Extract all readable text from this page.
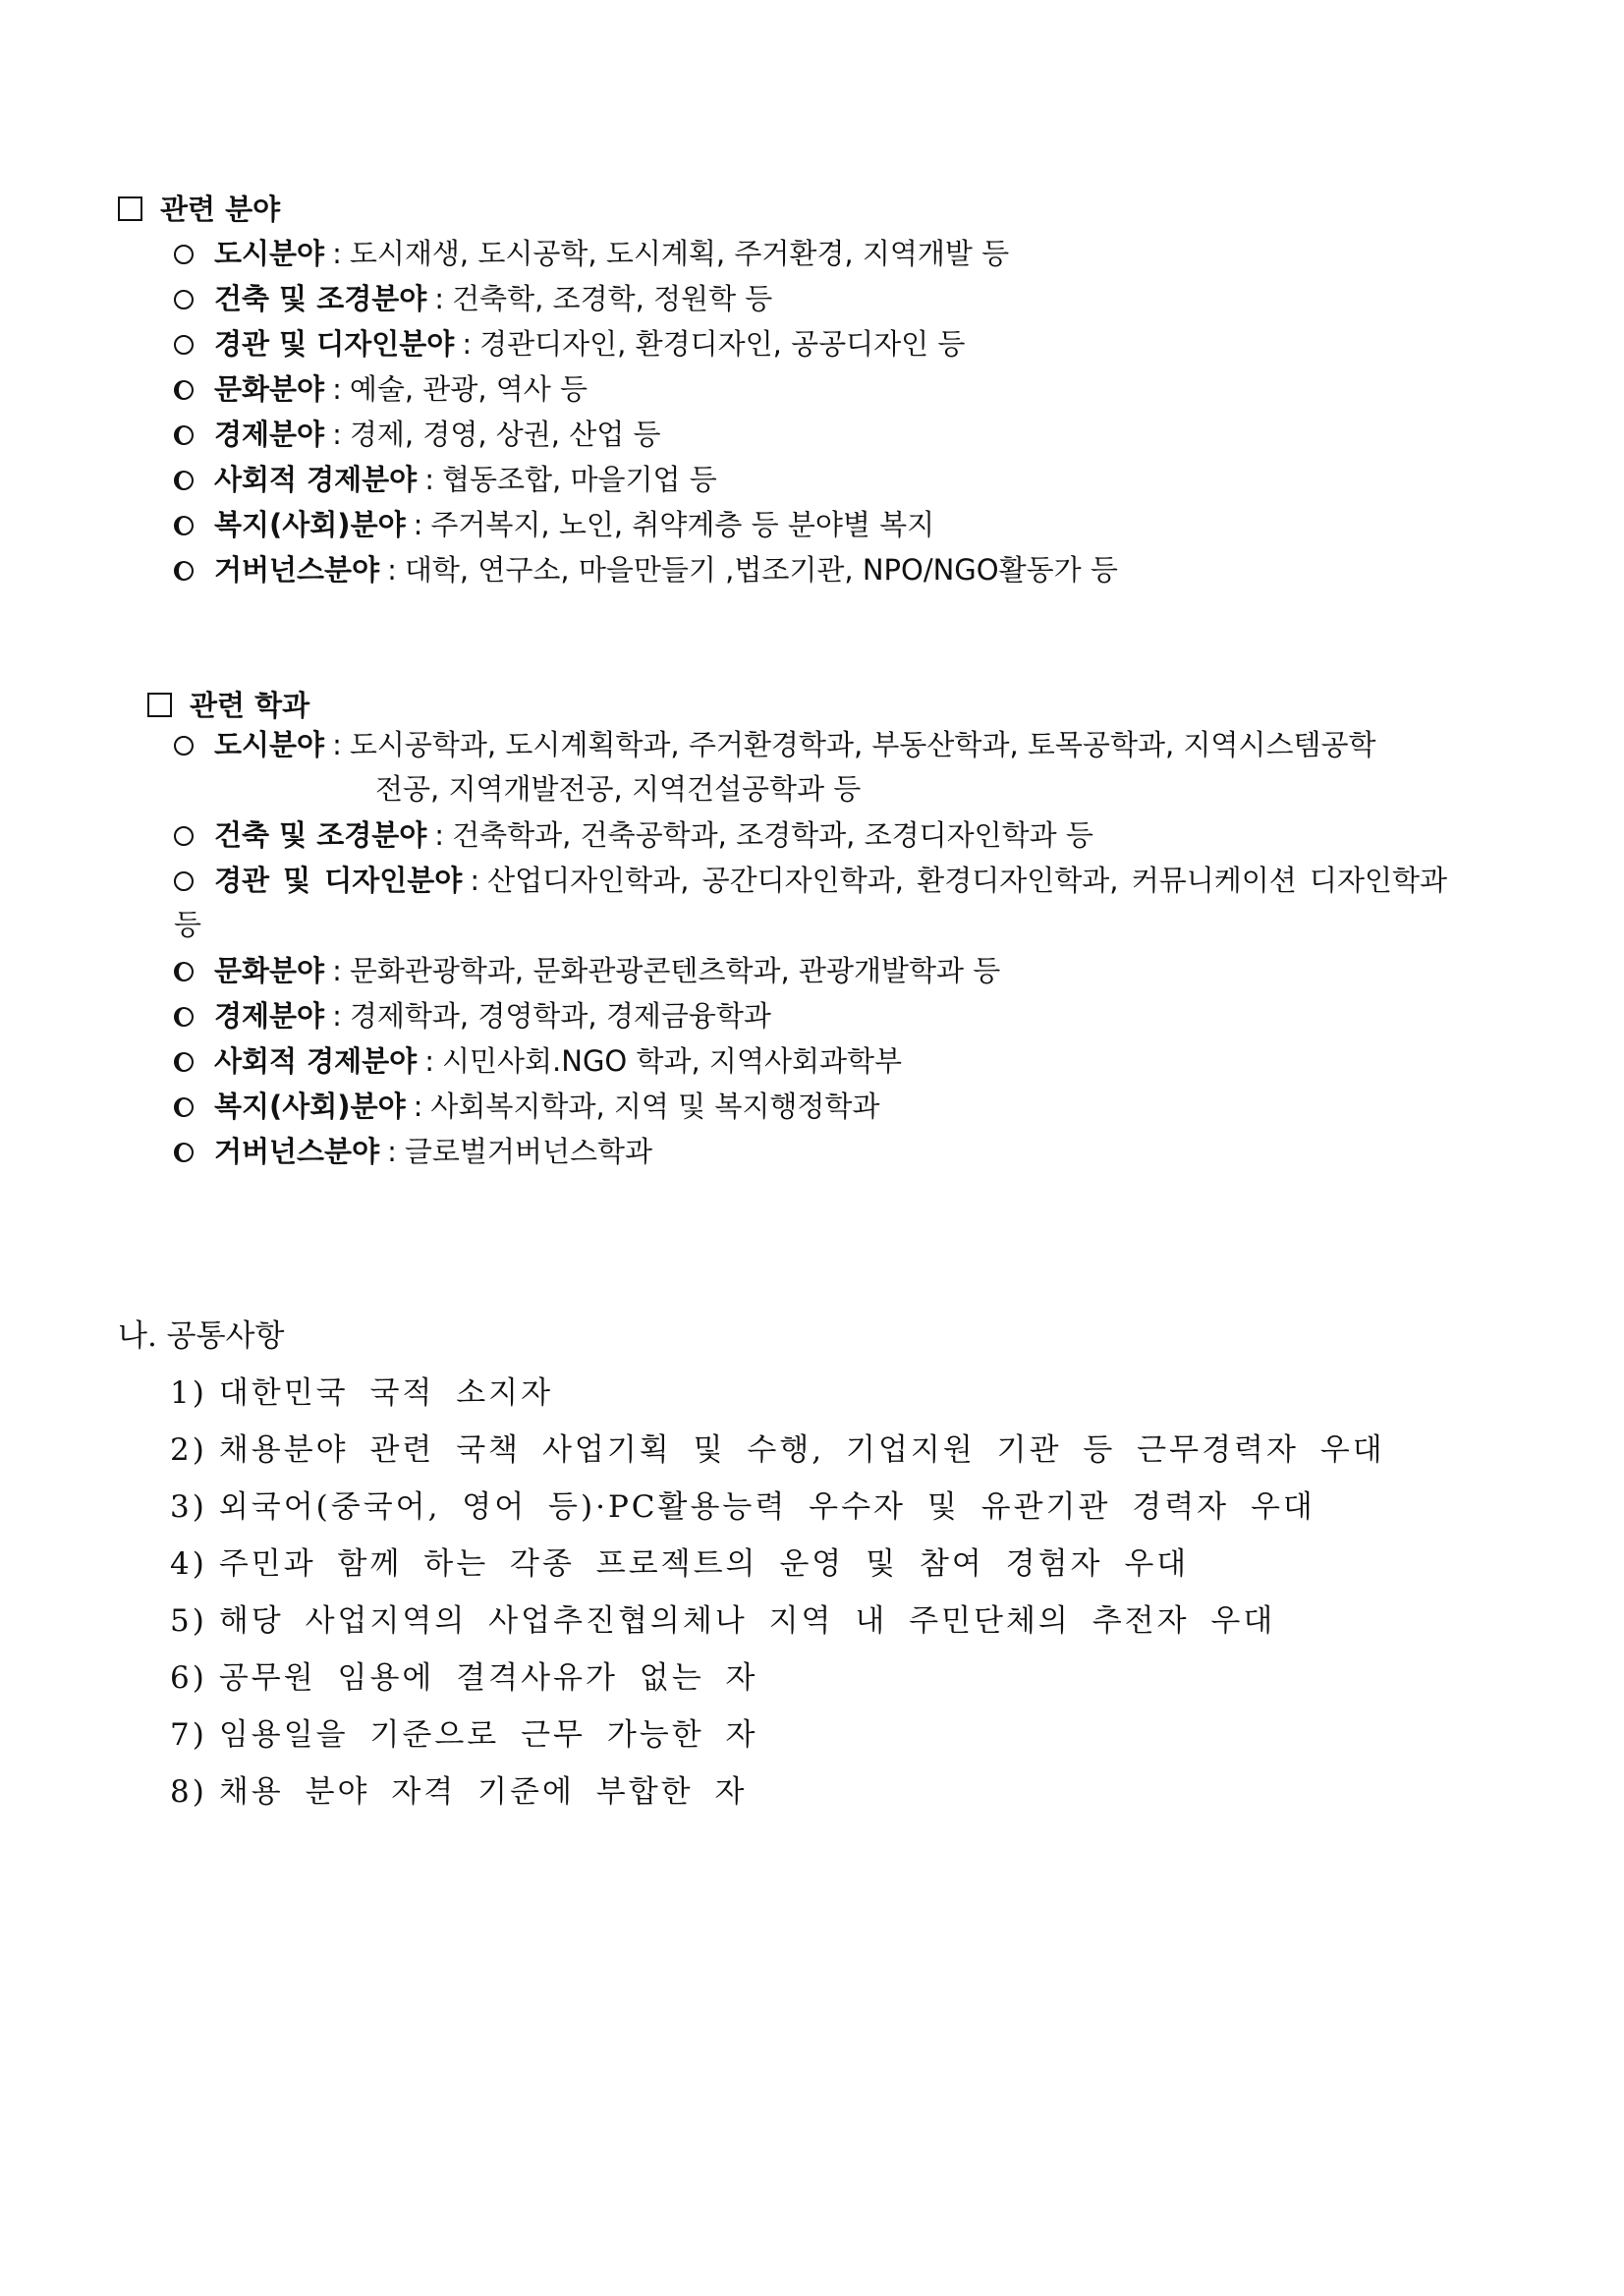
관련 분야
도시분야 : 도시재생, 도시공학, 도시계획, 주거환경, 지역개발 등
건축 및 조경분야 : 건축학, 조경학, 정원학 등
경관 및 디자인분야 : 경관디자인, 환경디자인, 공공디자인 등
문화분야 : 예술, 관광, 역사 등
경제분야 : 경제, 경영, 상권, 산업 등
사회적 경제분야 : 협동조합, 마을기업 등
복지(사회)분야 : 주거복지, 노인, 취약계층 등 분야별 복지
거버넌스분야 : 대학, 연구소, 마을만들기 ,법조기관, NPO/NGO활동가 등
관련 학과
도시분야 : 도시공학과, 도시계획학과, 주거환경학과, 부동산학과, 토목공학과, 지역시스템공학
전공, 지역개발전공, 지역건설공학과 등
건축 및 조경분야 : 건축학과, 건축공학과, 조경학과, 조경디자인학과 등
경관 및 디자인분야 : 산업디자인학과, 공간디자인학과, 환경디자인학과, 커뮤니케이션 디자인학과
등
문화분야 : 문화관광학과, 문화관광콘텐츠학과, 관광개발학과 등
경제분야 : 경제학과, 경영학과, 경제금융학과
사회적 경제분야 : 시민사회.NGO 학과, 지역사회과학부
복지(사회)분야 : 사회복지학과, 지역 및 복지행정학과
거버넌스분야 : 글로벌거버넌스학과
나. 공통사항
1) 대한민국 국적 소지자
2) 채용분야 관련 국책 사업기획 및 수행, 기업지원 기관 등 근무경력자 우대
3) 외국어(중국어, 영어 등)·PC활용능력 우수자 및 유관기관 경력자 우대
4) 주민과 함께 하는 각종 프로젝트의 운영 및 참여 경험자 우대
5) 해당 사업지역의 사업추진협의체나 지역 내 주민단체의 추전자 우대
6) 공무원 임용에 결격사유가 없는 자
7) 임용일을 기준으로 근무 가능한 자
8) 채용 분야 자격 기준에 부합한 자
